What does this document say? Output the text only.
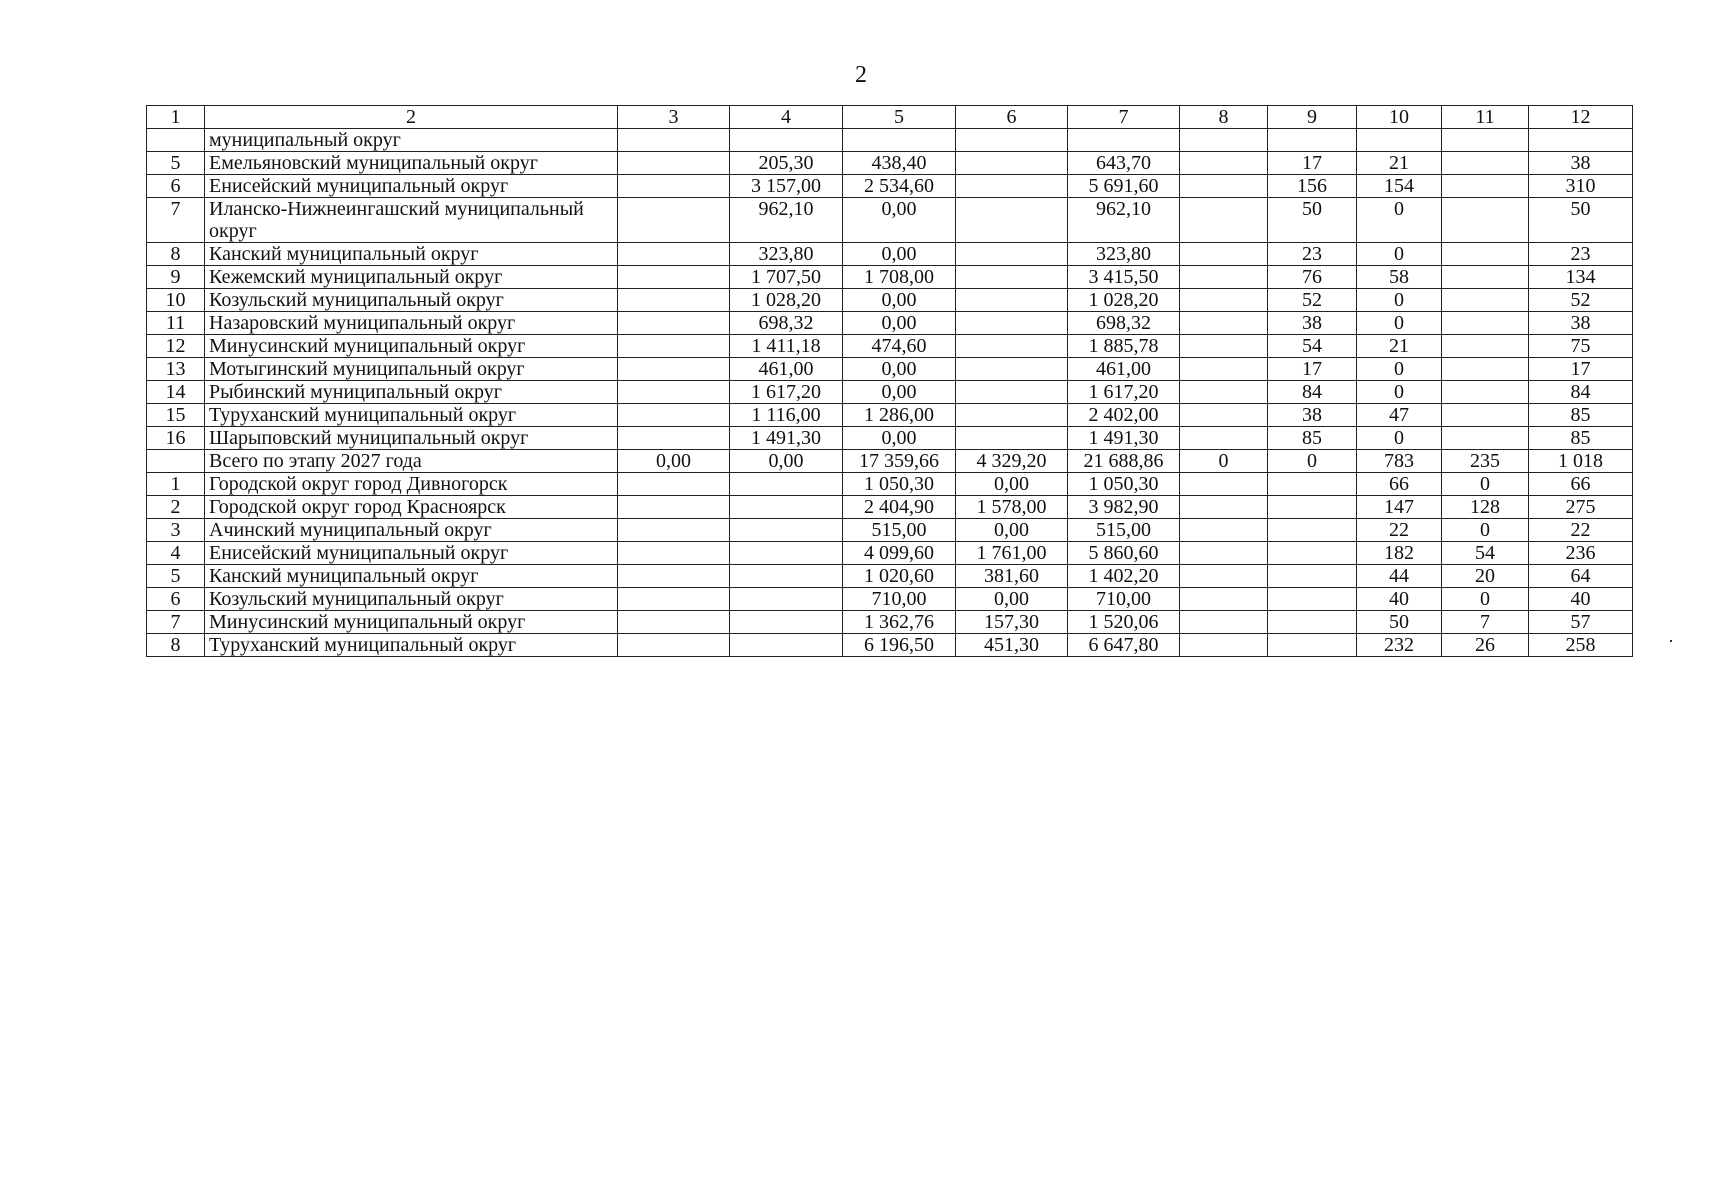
2
1	2	3	4	5	6	7	8	9	10	11	12
	муниципальный округ										
5	Емельяновский муниципальный округ		205,30	438,40		643,70		17	21		38
6	Енисейский муниципальный округ		3 157,00	2 534,60		5 691,60		156	154		310
7	Иланско-Нижнеингашский муниципальный округ		962,10	0,00		962,10		50	0		50
8	Канский муниципальный округ		323,80	0,00		323,80		23	0		23
9	Кежемский муниципальный округ		1 707,50	1 708,00		3 415,50		76	58		134
10	Козульский муниципальный округ		1 028,20	0,00		1 028,20		52	0		52
11	Назаровский муниципальный округ		698,32	0,00		698,32		38	0		38
12	Минусинский муниципальный округ		1 411,18	474,60		1 885,78		54	21		75
13	Мотыгинский муниципальный округ		461,00	0,00		461,00		17	0		17
14	Рыбинский муниципальный округ		1 617,20	0,00		1 617,20		84	0		84
15	Туруханский муниципальный округ		1 116,00	1 286,00		2 402,00		38	47		85
16	Шарыповский муниципальный округ		1 491,30	0,00		1 491,30		85	0		85
	Всего по этапу 2027 года	0,00	0,00	17 359,66	4 329,20	21 688,86	0	0	783	235	1 018
1	Городской округ город Дивногорск			1 050,30	0,00	1 050,30			66	0	66
2	Городской округ город Красноярск			2 404,90	1 578,00	3 982,90			147	128	275
3	Ачинский муниципальный округ			515,00	0,00	515,00			22	0	22
4	Енисейский муниципальный округ			4 099,60	1 761,00	5 860,60			182	54	236
5	Канский муниципальный округ			1 020,60	381,60	1 402,20			44	20	64
6	Козульский муниципальный округ			710,00	0,00	710,00			40	0	40
7	Минусинский муниципальный округ			1 362,76	157,30	1 520,06			50	7	57
8	Туруханский муниципальный округ			6 196,50	451,30	6 647,80			232	26	258
